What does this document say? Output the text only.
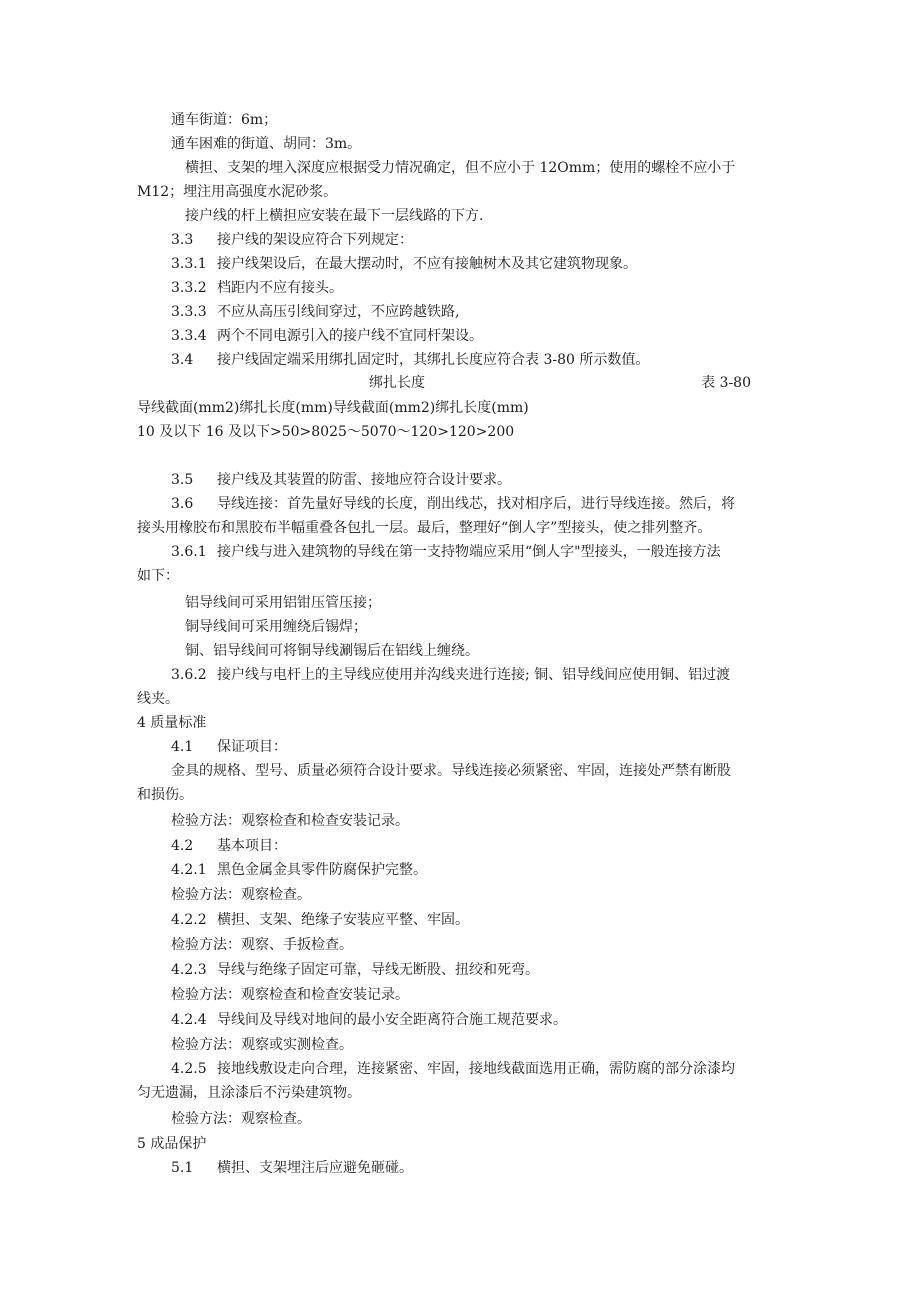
通车街道：6m；
通车困难的街道、胡同：3m。
横担、支架的埋入深度应根据受力情况确定，但不应小于 12Omm；使用的螺栓不应小于
M12；埋注用高强度水泥砂浆。
接户线的杆上横担应安装在最下一层线路的下方.
3.3 接户线的架设应符合下列规定：
3.3.1 接户线架设后，在最大摆动时，不应有接触树木及其它建筑物现象。
3.3.2 档距内不应有接头。
3.3.3 不应从高压引线间穿过，不应跨越铁路,
3.3.4 两个不同电源引入的接户线不宜同杆架设。
3.4 接户线固定端采用绑扎固定时，其绑扎长度应符合表 3-80 所示数值。
绑扎长度	表 3-80
导线截面(mm2)绑扎长度(mm)导线截面(mm2)绑扎长度(mm)
10 及以下 16 及以下>50>8025～5070～120>120>200
3.5 接户线及其装置的防雷、接地应符合设计要求。
3.6 导线连接：首先量好导线的长度，削出线芯，找对相序后，进行导线连接。然后，将
接头用橡胶布和黑胶布半幅重叠各包扎一层。最后，整理好“倒人字”型接头，使之排列整齐。
3.6.1 接户线与进入建筑物的导线在第一支持物端应采用“倒人字"型接头，一般连接方法
如下：
铝导线间可采用铝钳压管压接；
铜导线间可采用缠绕后锡焊；
铜、铝导线间可将铜导线涮锡后在铝线上缠绕。
3.6.2 接户线与电杆上的主导线应使用并沟线夹进行连接; 铜、铝导线间应使用铜、铝过渡
线夹。
4 质量标准
4.1 保证项目：
金具的规格、型号、质量必须符合设计要求。导线连接必须紧密、牢固，连接处严禁有断股
和损伤。
检验方法：观察检查和检查安装记录。
4.2 基本项目：
4.2.1 黑色金属金具零件防腐保护完整。
检验方法：观察检查。
4.2.2 横担、支架、绝缘子安装应平整、牢固。
检验方法：观察、手扳检查。
4.2.3 导线与绝缘子固定可靠，导线无断股、扭绞和死弯。
检验方法：观察检查和检查安装记录。
4.2.4 导线间及导线对地间的最小安全距离符合施工规范要求。
检验方法：观察或实测检查。
4.2.5 接地线敷设走向合理，连接紧密、牢固，接地线截面选用正确，需防腐的部分涂漆均
匀无遗漏，且涂漆后不污染建筑物。
检验方法：观察检查。
5 成品保护
5.1 横担、支架埋注后应避免砸碰。
